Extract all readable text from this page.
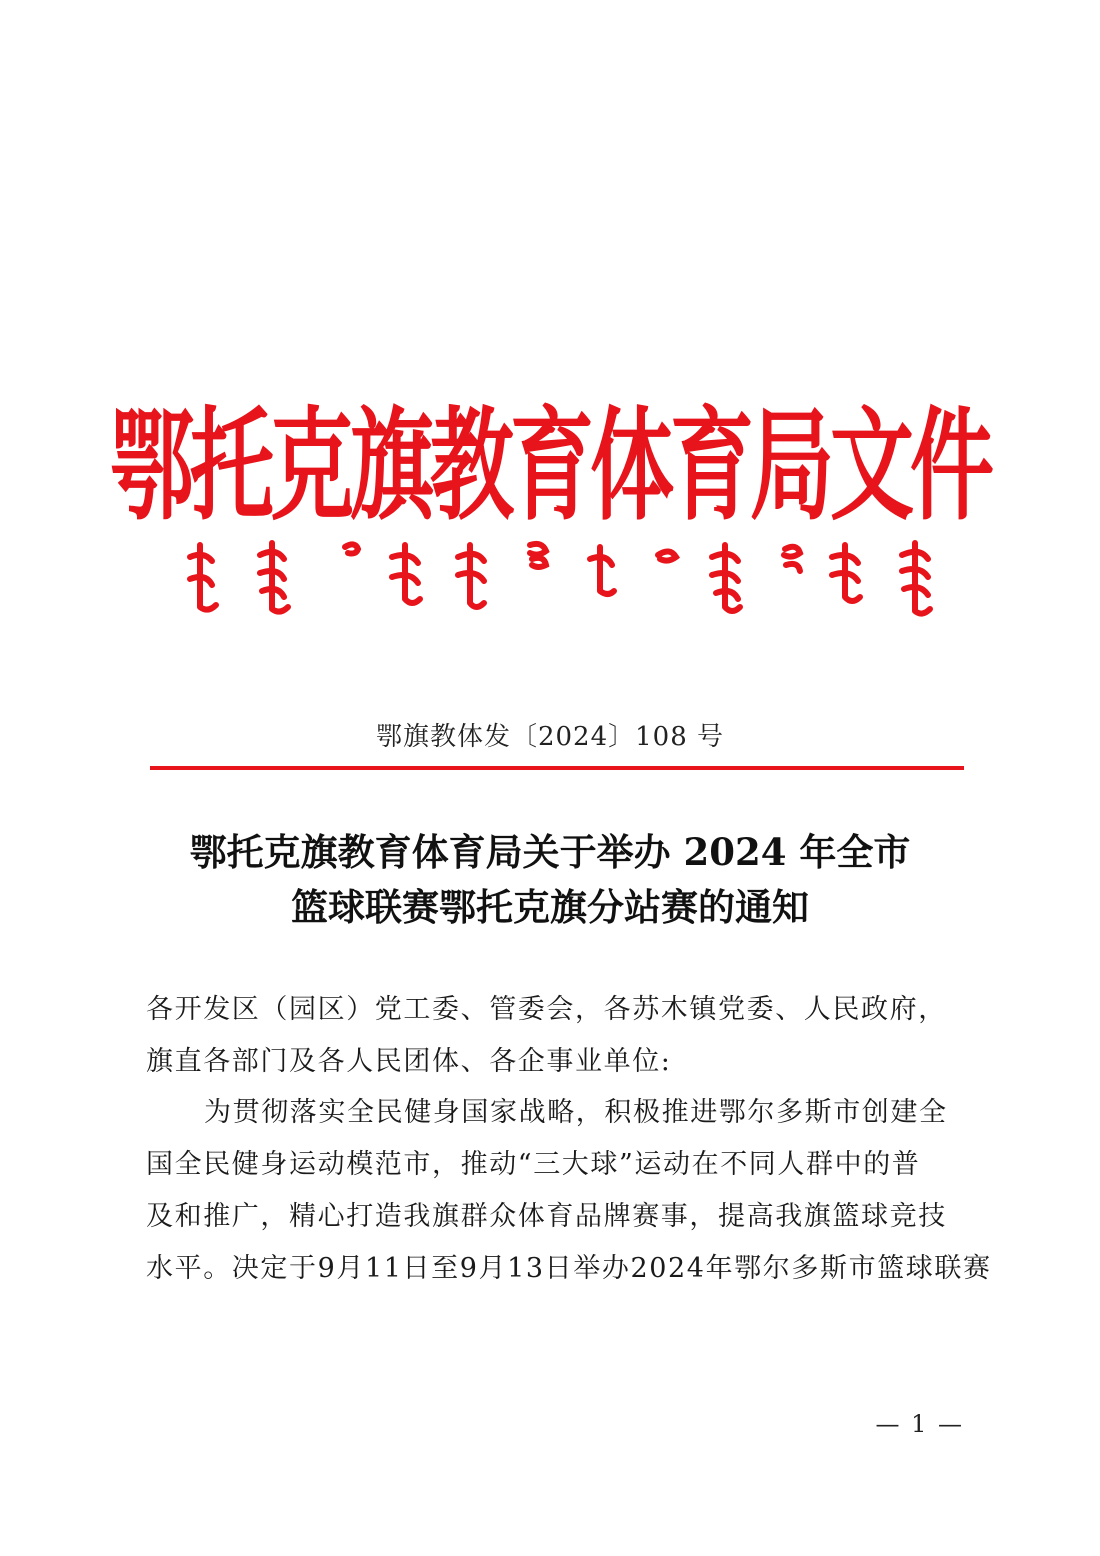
鄂托克旗教育体育局文件
鄂旗教体发〔2024〕108 号
鄂托克旗教育体育局关于举办 2024 年全市
篮球联赛鄂托克旗分站赛的通知
各开发区（园区）党工委、管委会，各苏木镇党委、人民政府，
旗直各部门及各人民团体、各企事业单位:
为贯彻落实全民健身国家战略，积极推进鄂尔多斯市创建全
国全民健身运动模范市，推动“三大球”运动在不同人群中的普
及和推广，精心打造我旗群众体育品牌赛事，提高我旗篮球竞技
水平。决定于9月11日至9月13日举办2024年鄂尔多斯市篮球联赛
— 1 —
